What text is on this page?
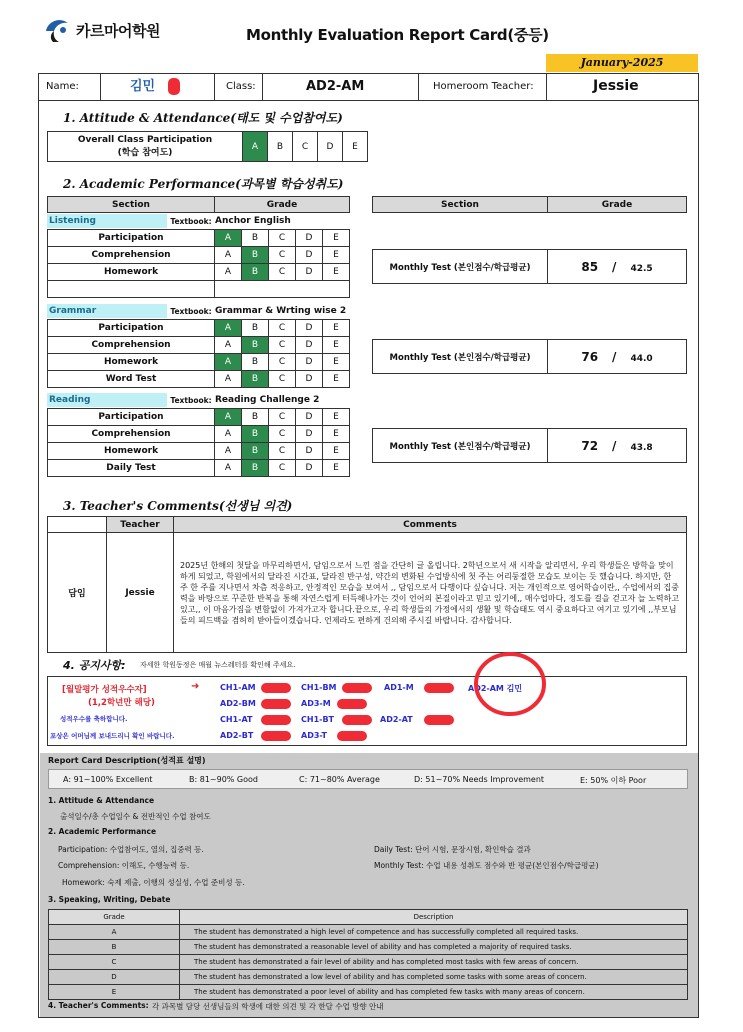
카르마어학원	Monthly Evaluation Report Card(중등)
January-2025
Name:	김민	Class:	AD2-AM	Homeroom Teacher:	Jessie
1. Attitude & Attendance(태도 및 수업참여도)
Overall Class Participation
(학습 참여도)	A	B	C	D	E
2. Academic Performance(과목별 학습성취도)
Section	Grade	Section	Grade
Listening	Textbook:	Anchor English
Participation	A	B	C	D	E
Comprehension	A	B	C	D	E
Homework	A	B	C	D	E
		Monthly Test (본인점수/학급평균)	85 / 42.5
Grammar	Textbook:	Grammar & Wrting wise 2
Participation	A	B	C	D	E
Comprehension	A	B	C	D	E
Homework	A	B	C	D	E
Word Test	A	B	C	D	E
Monthly Test (본인점수/학급평균)	76 / 44.0
Reading	Textbook:	Reading Challenge 2
Participation	A	B	C	D	E
Comprehension	A	B	C	D	E
Homework	A	B	C	D	E
Daily Test	A	B	C	D	E
Monthly Test (본인점수/학급평균)	72 / 43.8
3. Teacher's Comments(선생님 의견)
	Teacher	Comments
담임	Jessie	2025년 한해의 첫달을 마무리하면서, 담임으로서 느낀 점을 간단히 글 올립니다. 2학년으로서 새 시작을 알리면서, 우리 학생들은 방학을 맞이하게 되었고, 학원에서의 달라진 시간표, 달라진 반구성, 약간의 변화된 수업방식에 첫 주는 어리둥절한 모습도 보이는 듯 했습니다. 하지만, 한 주 한 주를 지나면서 차츰 적응하고, 안정적인 모습을 보여서 ,, 담임으로서 다행이다 싶습니다. 저는 개인적으로 영어학습이란,, 수업에서의 집중력을 바탕으로 꾸준한 반복을 통해 자연스럽게 터득해나가는 것이 언어의 본질이라고 믿고 있기에,, 매수업마다, 정도를 걸을 걷고자 늘 노력하고 있고,, 이 마음가짐을 변함없이 가져가고자 합니다.끝으로, 우리 학생들의 가정에서의 생활 및 학습태도 역시 중요하다고 여기고 있기에 ,,부모님들의 피드백을 겸허히 받아들이겠습니다. 언제라도 편하게 건의해 주시길 바랍니다. 감사합니다.
4. 공지사항: 자세한 학원동정은 매월 뉴스레터를 확인해 주세요.
[월말평가 성적우수자]
(1,2학년만 해당)
성적우수를 축하합니다.
포상은 어머님께 보내드리니 확인 바랍니다.
➜	CH1-AM	CH1-BM	AD1-M	AD2-AM 김민
AD2-BM	AD3-M
CH1-AT	CH1-BT	AD2-AT
AD2-BT	AD3-T
Report Card Description(성적표 설명)
A: 91~100% Excellent	B: 81~90% Good	C: 71~80% Average	D: 51~70% Needs Improvement	E: 50% 이하 Poor
1. Attitude & Attendance
출석일수/총 수업일수 & 전반적인 수업 참여도
2. Academic Performance
Participation: 수업참여도, 열의, 집중력 등.
Comprehension: 이해도, 수행능력 등.
Homework: 숙제 제출, 이행의 성실성, 수업 준비성 등.
Daily Test: 단어 시험, 문장시험, 확인학습 결과
Monthly Test: 수업 내용 성취도 점수와 반 평균(본인점수/학급평균)
3. Speaking, Writing, Debate
Grade	Description
A	The student has demonstrated a high level of competence and has successfully completed all required tasks.
B	The student has demonstrated a reasonable level of ability and has completed a majority of required tasks.
C	The student has demonstrated a fair level of ability and has completed most tasks with few areas of concern.
D	The student has demonstrated a low level of ability and has completed some tasks with some areas of concern.
E	The student has demonstrated a poor level of ability and has completed few tasks with many areas of concern.
4. Teacher's Comments: 각 과목별 담당 선생님들의 학생에 대한 의견 및 각 한달 수업 방향 안내
